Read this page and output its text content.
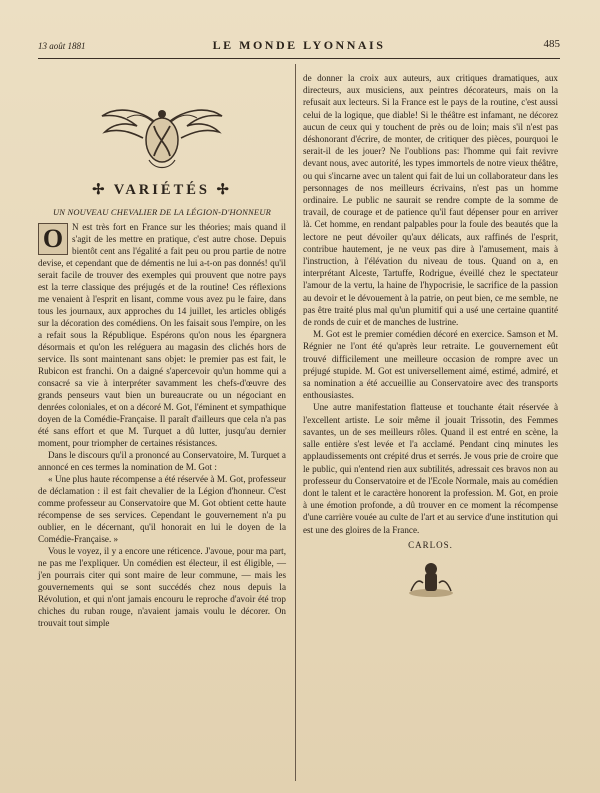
13 août 1881	LE MONDE LYONNAIS	485
✢ VARIÉTÉS ✢
UN NOUVEAU CHEVALIER DE LA LÉGION-D'HONNEUR

O N est très fort en France sur les théories; mais quand il s'agit de les mettre en pratique, c'est autre chose. Depuis bientôt cent ans l'égalité a fait peu ou prou partie de notre devise, et cependant que de démentis ne lui a-t-on pas donnés! qu'il serait facile de trouver des exemples qui prouvent que notre pays est la terre classique des préjugés et de la routine! Ces réflexions me venaient à l'esprit en lisant, comme vous avez pu le faire, dans tous les journaux, aux approches du 14 juillet, les articles obligés sur la décoration des comédiens. On les faisait sous l'empire, on les a refait sous la République. Espérons qu'on nous les épargnera désormais et qu'on les reléguera au magasin des clichés hors de service. Ils sont maintenant sans objet: le premier pas est fait, le Rubicon est franchi. On a daigné s'apercevoir qu'un homme qui a consacré sa vie à interpréter savamment les chefs-d'œuvre des grands penseurs vaut bien un bureaucrate ou un négociant en denrées coloniales, et on a décoré M. Got, l'éminent et sympathique doyen de la Comédie-Française. Il paraît d'ailleurs que cela n'a pas été sans effort et que M. Turquet a dû lutter, jusqu'au dernier moment, pour triompher de certaines résistances.

Dans le discours qu'il a prononcé au Conservatoire, M. Turquet a annoncé en ces termes la nomination de M. Got :

« Une plus haute récompense a été réservée à M. Got, professeur de déclamation : il est fait chevalier de la Légion d'honneur. C'est comme professeur au Conservatoire que M. Got obtient cette haute récompense de ses services. Cependant le gouvernement n'a pu oublier, en le décernant, qu'il honorait en lui le doyen de la Comédie-Française. »

Vous le voyez, il y a encore une réticence. J'avoue, pour ma part, ne pas me l'expliquer. Un comédien est électeur, il est éligible, — j'en pourrais citer qui sont maire de leur commune, — mais les gouvernements qui se sont succédés chez nous depuis la Révolution, et qui n'ont jamais encouru le reproche d'avoir été trop chiches du ruban rouge, n'avaient jamais voulu le décorer. On trouvait tout simple

de donner la croix aux auteurs, aux critiques dramatiques, aux directeurs, aux musiciens, aux peintres décorateurs, mais on la refusait aux lecteurs. Si la France est le pays de la routine, c'est aussi celui de la logique, que diable! Si le théâtre est infamant, ne décorez aucun de ceux qui y touchent de près ou de loin; mais s'il n'est pas déshonorant d'écrire, de monter, de critiquer des pièces, pourquoi le serait-il de les jouer? Ne l'oublions pas: l'homme qui fait revivre devant nous, avec autorité, les types immortels de notre vieux théâtre, ou qui s'incarne avec un talent qui fait de lui un collaborateur dans les personnages de nos meilleurs écrivains, n'est pas un homme ordinaire. Le public ne saurait se rendre compte de la somme de travail, de courage et de patience qu'il faut dépenser pour en arriver là. Cet homme, en rendant palpables pour la foule des beautés que la lectore ne peut dévoiler qu'aux délicats, aux raffinés de l'esprit, contribue hautement, je ne veux pas dire à l'amusement, mais à l'instruction, à l'élévation du niveau de tous. Quand on a, en interprétant Alceste, Tartuffe, Rodrigue, éveillé chez le spectateur l'amour de la vertu, la haine de l'hypocrisie, le sacrifice de la passion au devoir et le dévouement à la patrie, on peut bien, ce me semble, ne pas être traité plus mal qu'un plumitif qui a usé une certaine quantité de ronds de cuir et de manches de lustrine.

M. Got est le premier comédien décoré en exercice. Samson et M. Régnier ne l'ont été qu'après leur retraite. Le gouvernement eût trouvé difficilement une meilleure occasion de rompre avec un préjugé stupide. M. Got est universellement aimé, estimé, admiré, et sa nomination a été accueillie au Conservatoire avec des transports enthousiastes.

Une autre manifestation flatteuse et touchante était réservée à l'excellent artiste. Le soir même il jouait Trissotin, des Femmes savantes, un de ses meilleurs rôles. Quand il est entré en scène, la salle entière s'est levée et l'a acclamé. Pendant cinq minutes les applaudissements ont crépité drus et serrés. Je vous prie de croire que le public, qui n'entend rien aux subtilités, adressait ces bravos non au professeur du Conservatoire et de l'Ecole Normale, mais au comédien dont le talent et le caractère honorent la profession. M. Got, en proie à une émotion profonde, a dû trouver en ce moment la récompense d'une carrière vouée au culte de l'art et au service d'une institution qui est une des gloires de la France.

CARLOS.
